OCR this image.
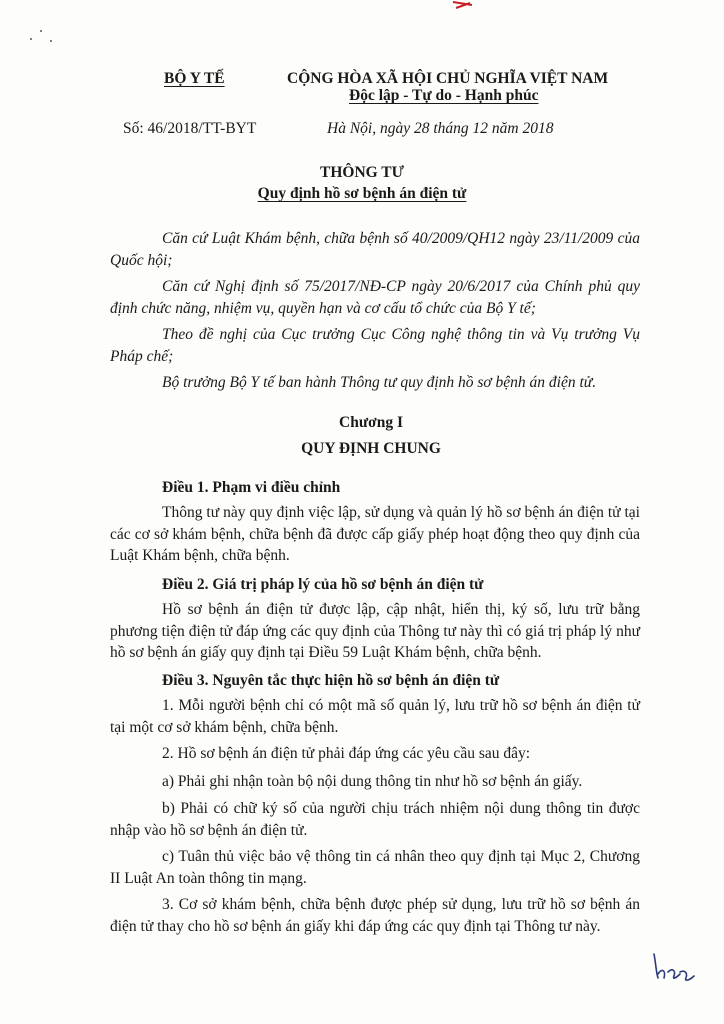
BỘ Y TẾ	CỘNG HÒA XÃ HỘI CHỦ NGHĨA VIỆT NAM
Độc lập - Tự do - Hạnh phúc
Số: 46/2018/TT-BYT	Hà Nội, ngày 28 tháng 12 năm 2018
THÔNG TƯ
Quy định hồ sơ bệnh án điện tử
Căn cứ Luật Khám bệnh, chữa bệnh số 40/2009/QH12 ngày 23/11/2009 của Quốc hội;
Căn cứ Nghị định số 75/2017/NĐ-CP ngày 20/6/2017 của Chính phủ quy định chức năng, nhiệm vụ, quyền hạn và cơ cấu tổ chức của Bộ Y tế;
Theo đề nghị của Cục trưởng Cục Công nghệ thông tin và Vụ trưởng Vụ Pháp chế;
Bộ trưởng Bộ Y tế ban hành Thông tư quy định hồ sơ bệnh án điện tử.
Chương I
QUY ĐỊNH CHUNG
Điều 1. Phạm vi điều chỉnh
Thông tư này quy định việc lập, sử dụng và quản lý hồ sơ bệnh án điện tử tại các cơ sở khám bệnh, chữa bệnh đã được cấp giấy phép hoạt động theo quy định của Luật Khám bệnh, chữa bệnh.
Điều 2. Giá trị pháp lý của hồ sơ bệnh án điện tử
Hồ sơ bệnh án điện tử được lập, cập nhật, hiển thị, ký số, lưu trữ bằng phương tiện điện tử đáp ứng các quy định của Thông tư này thì có giá trị pháp lý như hồ sơ bệnh án giấy quy định tại Điều 59 Luật Khám bệnh, chữa bệnh.
Điều 3. Nguyên tắc thực hiện hồ sơ bệnh án điện tử
1. Mỗi người bệnh chỉ có một mã số quản lý, lưu trữ hồ sơ bệnh án điện tử tại một cơ sở khám bệnh, chữa bệnh.
2. Hồ sơ bệnh án điện tử phải đáp ứng các yêu cầu sau đây:
a) Phải ghi nhận toàn bộ nội dung thông tin như hồ sơ bệnh án giấy.
b) Phải có chữ ký số của người chịu trách nhiệm nội dung thông tin được nhập vào hồ sơ bệnh án điện tử.
c) Tuân thủ việc bảo vệ thông tin cá nhân theo quy định tại Mục 2, Chương II Luật An toàn thông tin mạng.
3. Cơ sở khám bệnh, chữa bệnh được phép sử dụng, lưu trữ hồ sơ bệnh án điện tử thay cho hồ sơ bệnh án giấy khi đáp ứng các quy định tại Thông tư này.
